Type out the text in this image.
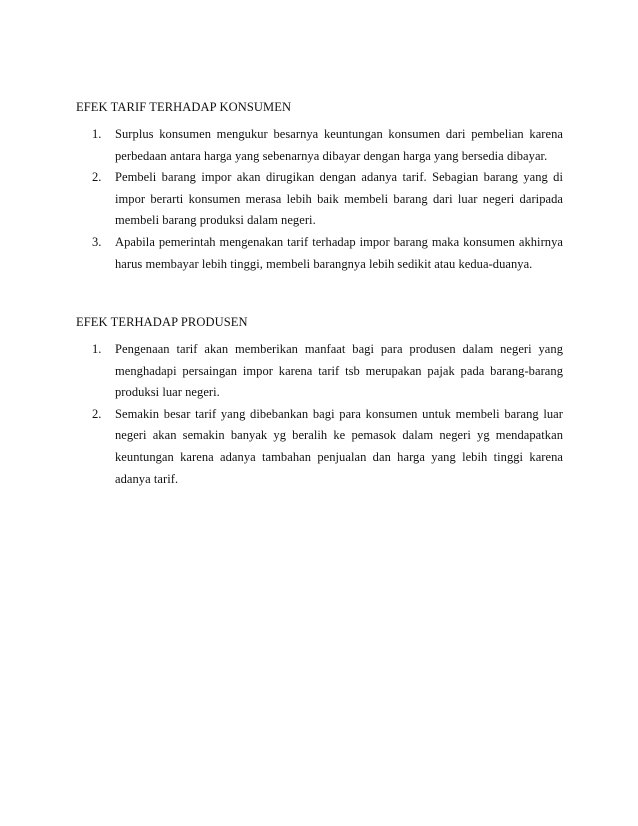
EFEK TARIF TERHADAP KONSUMEN
1. Surplus konsumen mengukur besarnya keuntungan konsumen dari pembelian karena perbedaan antara harga yang sebenarnya dibayar dengan harga yang bersedia dibayar.
2. Pembeli barang impor akan dirugikan dengan adanya tarif. Sebagian barang yang di impor berarti konsumen merasa lebih baik membeli barang dari luar negeri daripada membeli barang produksi dalam negeri.
3. Apabila pemerintah mengenakan tarif terhadap impor barang maka konsumen akhirnya harus membayar lebih tinggi, membeli barangnya lebih sedikit atau kedua-duanya.
EFEK TERHADAP PRODUSEN
1. Pengenaan tarif akan memberikan manfaat bagi para produsen dalam negeri yang menghadapi persaingan impor karena tarif tsb merupakan pajak pada barang-barang produksi luar negeri.
2. Semakin besar tarif yang dibebankan bagi para konsumen untuk membeli barang luar negeri akan semakin banyak yg beralih ke pemasok dalam negeri yg mendapatkan keuntungan karena adanya tambahan penjualan dan harga yang lebih tinggi karena adanya tarif.
